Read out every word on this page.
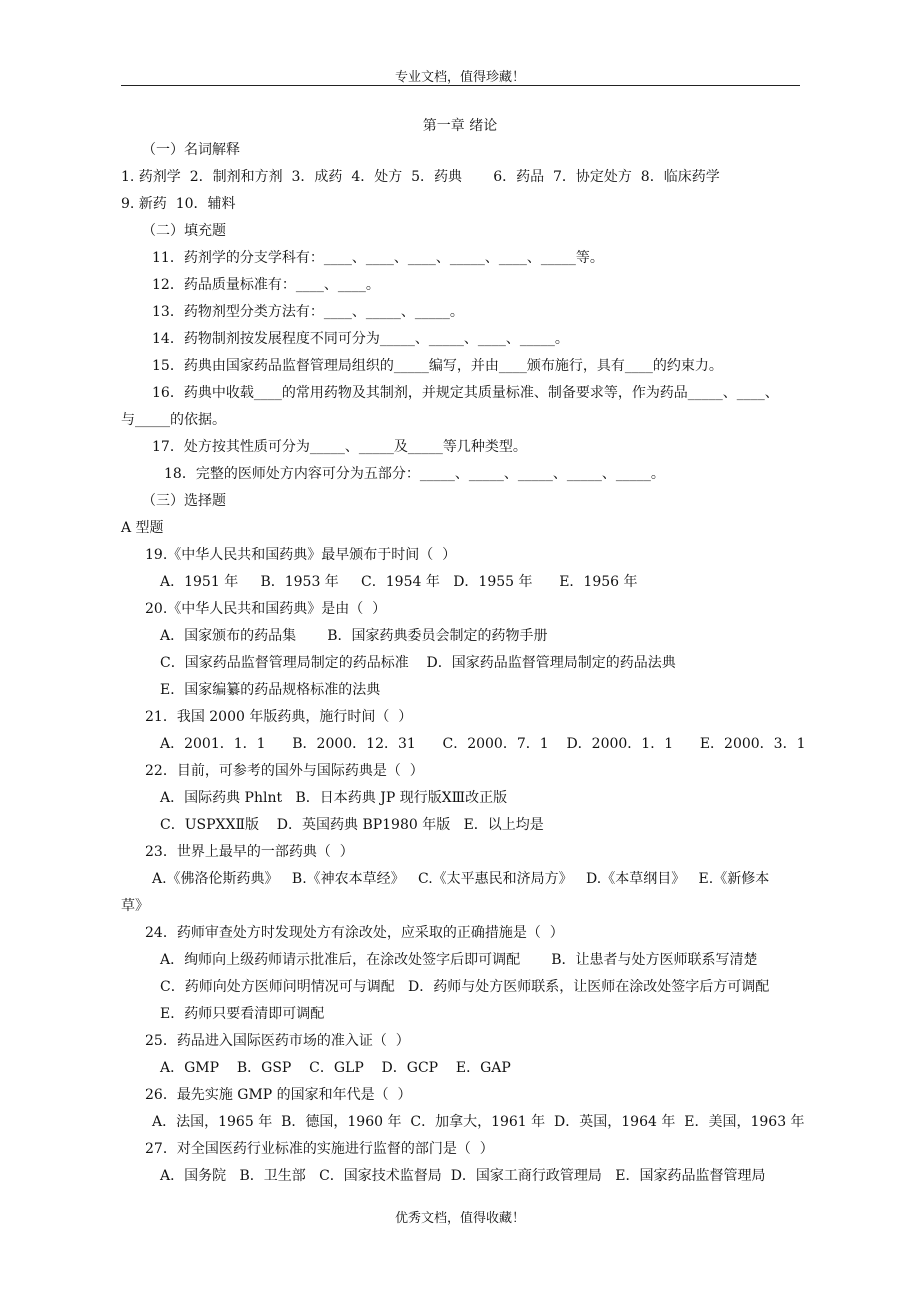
专业文档，值得珍藏！
第一章 绪论
（一）名词解释
1. 药剂学  2．制剂和方剂  3．成药  4．处方  5．药典       6．药品  7．协定处方  8．临床药学
9. 新药  10．辅料
（二）填充题
11．药剂学的分支学科有：____、____、____、_____、____、_____等。
12．药品质量标准有：____、____。
13．药物剂型分类方法有：____、_____、_____。
14．药物制剂按发展程度不同可分为_____、_____、____、_____。
15．药典由国家药品监督管理局组织的_____编写，并由____颁布施行，具有____的约束力。
16．药典中收载____的常用药物及其制剂，并规定其质量标准、制备要求等，作为药品_____、____、
与_____的依据。
17．处方按其性质可分为_____、_____及_____等几种类型。
18．完整的医师处方内容可分为五部分：_____、_____、_____、_____、_____。
（三）选择题
A 型题
19.《中华人民共和国药典》最早颁布于时间（  ）
A．1951 年     B．1953 年     C．1954 年   D．1955 年      E．1956 年
20.《中华人民共和国药典》是由（  ）
A．国家颁布的药品集       B．国家药典委员会制定的药物手册
C．国家药品监督管理局制定的药品标准    D．国家药品监督管理局制定的药品法典
E．国家编纂的药品规格标准的法典
21．我国 2000 年版药典，施行时间（  ）
A．2001．1．1      B．2000．12．31      C．2000．7．1    D．2000．1．1      E．2000．3．1
22．目前，可参考的国外与国际药典是（  ）
A．国际药典 Phlnt   B．日本药典 JP 现行版ⅩⅢ改正版
C．USPⅩⅩⅡ版    D．英国药典 BP1980 年版   E．以上均是
23．世界上最早的一部药典（  ）
A.《佛洛伦斯药典》   B.《神农本草经》   C.《太平惠民和济局方》   D.《本草纲目》   E.《新修本
草》
24．药师审查处方时发现处方有涂改处，应采取的正确措施是（  ）
A．绚师向上级药师请示批准后，在涂改处签字后即可调配       B．让患者与处方医师联系写清楚
C．药师向处方医师问明情况可与调配   D．药师与处方医师联系，让医师在涂改处签字后方可调配
E．药师只要看清即可调配
25．药品进入国际医药市场的准入证（  ）
A．GMP    B．GSP    C．GLP    D．GCP    E．GAP
26．最先实施 GMP 的国家和年代是（  ）
A．法国，1965 年  B．德国，1960 年  C．加拿大，1961 年  D．英国，1964 年  E．美国，1963 年
27．对全国医药行业标准的实施进行监督的部门是（  ）
A．国务院   B．卫生部   C．国家技术监督局  D．国家工商行政管理局   E．国家药品监督管理局
优秀文档，值得收藏！
